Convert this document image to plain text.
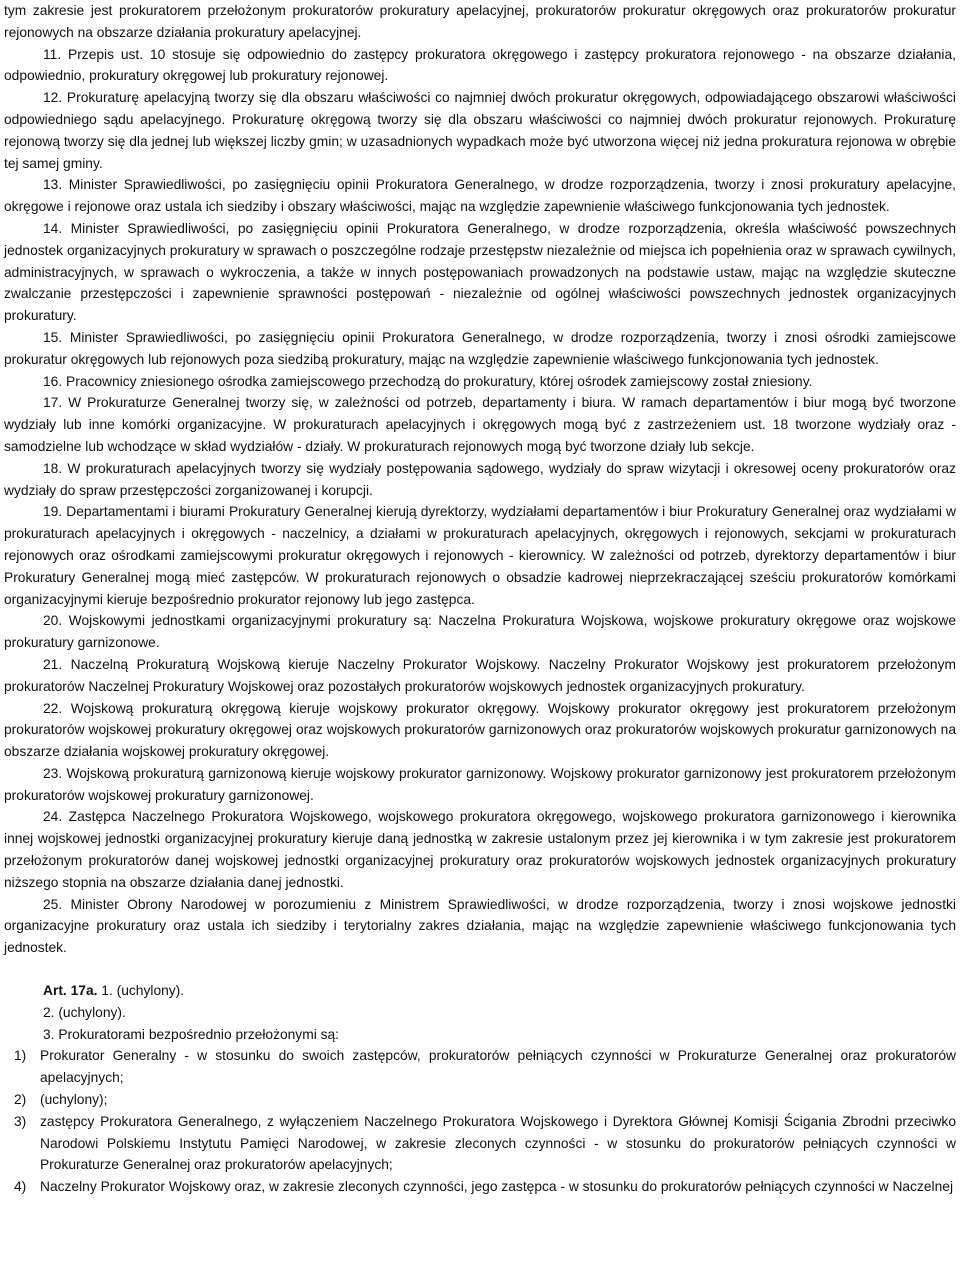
tym zakresie jest prokuratorem przełożonym prokuratorów prokuratury apelacyjnej, prokuratorów prokuratur okręgowych oraz prokuratorów prokuratur rejonowych na obszarze działania prokuratury apelacyjnej.

11. Przepis ust. 10 stosuje się odpowiednio do zastępcy prokuratora okręgowego i zastępcy prokuratora rejonowego - na obszarze działania, odpowiednio, prokuratury okręgowej lub prokuratury rejonowej.

12. Prokuraturę apelacyjną tworzy się dla obszaru właściwości co najmniej dwóch prokuratur okręgowych, odpowiadającego obszarowi właściwości odpowiedniego sądu apelacyjnego. Prokuraturę okręgową tworzy się dla obszaru właściwości co najmniej dwóch prokuratur rejonowych. Prokuraturę rejonową tworzy się dla jednej lub większej liczby gmin; w uzasadnionych wypadkach może być utworzona więcej niż jedna prokuratura rejonowa w obrębie tej samej gminy.

13. Minister Sprawiedliwości, po zasięgnięciu opinii Prokuratora Generalnego, w drodze rozporządzenia, tworzy i znosi prokuratury apelacyjne, okręgowe i rejonowe oraz ustala ich siedziby i obszary właściwości, mając na względzie zapewnienie właściwego funkcjonowania tych jednostek.

14. Minister Sprawiedliwości, po zasięgnięciu opinii Prokuratora Generalnego, w drodze rozporządzenia, określa właściwość powszechnych jednostek organizacyjnych prokuratury w sprawach o poszczególne rodzaje przestępstw niezależnie od miejsca ich popełnienia oraz w sprawach cywilnych, administracyjnych, w sprawach o wykroczenia, a także w innych postępowaniach prowadzonych na podstawie ustaw, mając na względzie skuteczne zwalczanie przestępczości i zapewnienie sprawności postępowań - niezależnie od ogólnej właściwości powszechnych jednostek organizacyjnych prokuratury.

15. Minister Sprawiedliwości, po zasięgnięciu opinii Prokuratora Generalnego, w drodze rozporządzenia, tworzy i znosi ośrodki zamiejscowe prokuratur okręgowych lub rejonowych poza siedzibą prokuratury, mając na względzie zapewnienie właściwego funkcjonowania tych jednostek.

16. Pracownicy zniesionego ośrodka zamiejscowego przechodzą do prokuratury, której ośrodek zamiejscowy został zniesiony.

17. W Prokuraturze Generalnej tworzy się, w zależności od potrzeb, departamenty i biura. W ramach departamentów i biur mogą być tworzone wydziały lub inne komórki organizacyjne. W prokuraturach apelacyjnych i okręgowych mogą być z zastrzeżeniem ust. 18 tworzone wydziały oraz - samodzielne lub wchodzące w skład wydziałów - działy. W prokuraturach rejonowych mogą być tworzone działy lub sekcje.

18. W prokuraturach apelacyjnych tworzy się wydziały postępowania sądowego, wydziały do spraw wizytacji i okresowej oceny prokuratorów oraz wydziały do spraw przestępczości zorganizowanej i korupcji.

19. Departamentami i biurami Prokuratury Generalnej kierują dyrektorzy, wydziałami departamentów i biur Prokuratury Generalnej oraz wydziałami w prokuraturach apelacyjnych i okręgowych - naczelnicy, a działami w prokuraturach apelacyjnych, okręgowych i rejonowych, sekcjami w prokuraturach rejonowych oraz ośrodkami zamiejscowymi prokuratur okręgowych i rejonowych - kierownicy. W zależności od potrzeb, dyrektorzy departamentów i biur Prokuratury Generalnej mogą mieć zastępców. W prokuraturach rejonowych o obsadzie kadrowej nieprzekraczającej sześciu prokuratorów komórkami organizacyjnymi kieruje bezpośrednio prokurator rejonowy lub jego zastępca.

20. Wojskowymi jednostkami organizacyjnymi prokuratury są: Naczelna Prokuratura Wojskowa, wojskowe prokuratury okręgowe oraz wojskowe prokuratury garnizonowe.

21. Naczelną Prokuraturą Wojskową kieruje Naczelny Prokurator Wojskowy. Naczelny Prokurator Wojskowy jest prokuratorem przełożonym prokuratorów Naczelnej Prokuratury Wojskowej oraz pozostałych prokuratorów wojskowych jednostek organizacyjnych prokuratury.

22. Wojskową prokuraturą okręgową kieruje wojskowy prokurator okręgowy. Wojskowy prokurator okręgowy jest prokuratorem przełożonym prokuratorów wojskowej prokuratury okręgowej oraz wojskowych prokuratorów garnizonowych oraz prokuratorów wojskowych prokuratur garnizonowych na obszarze działania wojskowej prokuratury okręgowej.

23. Wojskową prokuraturą garnizonową kieruje wojskowy prokurator garnizonowy. Wojskowy prokurator garnizonowy jest prokuratorem przełożonym prokuratorów wojskowej prokuratury garnizonowej.

24. Zastępca Naczelnego Prokuratora Wojskowego, wojskowego prokuratora okręgowego, wojskowego prokuratora garnizonowego i kierownika innej wojskowej jednostki organizacyjnej prokuratury kieruje daną jednostką w zakresie ustalonym przez jej kierownika i w tym zakresie jest prokuratorem przełożonym prokuratorów danej wojskowej jednostki organizacyjnej prokuratury oraz prokuratorów wojskowych jednostek organizacyjnych prokuratury niższego stopnia na obszarze działania danej jednostki.

25. Minister Obrony Narodowej w porozumieniu z Ministrem Sprawiedliwości, w drodze rozporządzenia, tworzy i znosi wojskowe jednostki organizacyjne prokuratury oraz ustala ich siedziby i terytorialny zakres działania, mając na względzie zapewnienie właściwego funkcjonowania tych jednostek.

Art. 17a. 1. (uchylony).

2. (uchylony).

3. Prokuratorami bezpośrednio przełożonymi są:

1) Prokurator Generalny - w stosunku do swoich zastępców, prokuratorów pełniących czynności w Prokuraturze Generalnej oraz prokuratorów apelacyjnych;
2) (uchylony);
3) zastępcy Prokuratora Generalnego, z wyłączeniem Naczelnego Prokuratora Wojskowego i Dyrektora Głównej Komisji Ścigania Zbrodni przeciwko Narodowi Polskiemu Instytutu Pamięci Narodowej, w zakresie zleconych czynności - w stosunku do prokuratorów pełniących czynności w Prokuraturze Generalnej oraz prokuratorów apelacyjnych;
4) Naczelny Prokurator Wojskowy oraz, w zakresie zleconych czynności, jego zastępca - w stosunku do prokuratorów pełniących czynności w Naczelnej
